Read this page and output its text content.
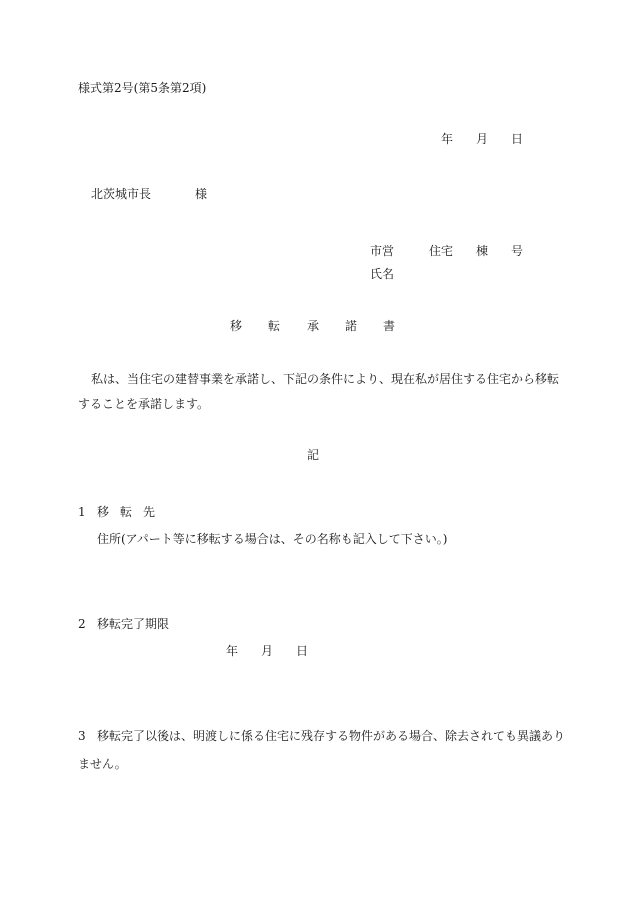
様式第2号(第5条第2項)
年 月 日
北茨城市長	様
市営	住宅 棟 号
氏名
移 転 承 諾 書
私は、当住宅の建替事業を承諾し、下記の条件により、現在私が居住する住宅から移転
することを承諾します。
記
1 移 転 先
住所(アパート等に移転する場合は、その名称も記入して下さい。)
2 移転完了期限
年 月 日
3 移転完了以後は、明渡しに係る住宅に残存する物件がある場合、除去されても異議あり
ません。
